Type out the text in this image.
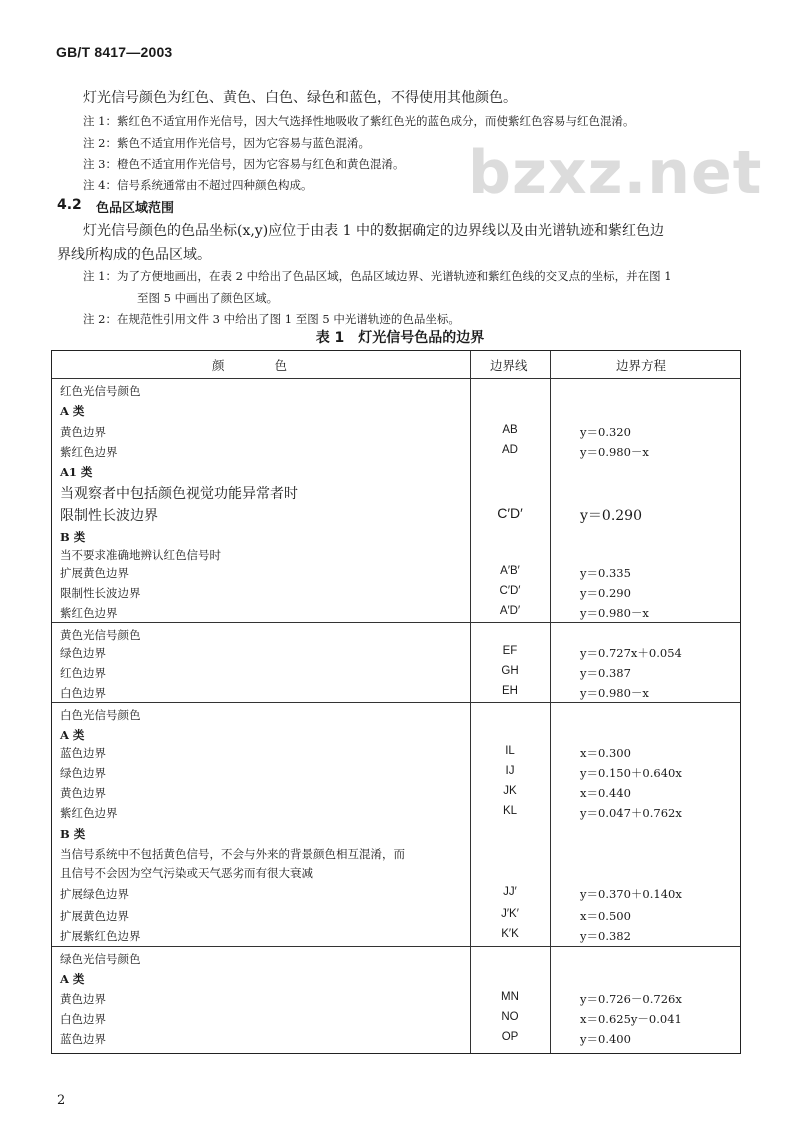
GB/T 8417—2003
bzxz.net
灯光信号颜色为红色、黄色、白色、绿色和蓝色，不得使用其他颜色。
注 1：紫红色不适宜用作光信号，因大气选择性地吸收了紫红色光的蓝色成分，而使紫红色容易与红色混淆。
注 2：紫色不适宜用作光信号，因为它容易与蓝色混淆。
注 3：橙色不适宜用作光信号，因为它容易与红色和黄色混淆。
注 4：信号系统通常由不超过四种颜色构成。
4.2 色品区域范围
灯光信号颜色的色品坐标(x,y)应位于由表 1 中的数据确定的边界线以及由光谱轨迹和紫红色边
界线所构成的色品区域。
注 1：为了方便地画出，在表 2 中给出了色品区域，色品区域边界、光谱轨迹和紫红色线的交叉点的坐标，并在图 1
至图 5 中画出了颜色区域。
注 2：在规范性引用文件 3 中给出了图 1 至图 5 中光谱轨迹的色品坐标。
表 1　灯光信号色品的边界
颜　　　　色	边界线	边界方程
红色光信号颜色
A 类
黄色边界	AB	y＝0.320
紫红色边界	AD	y＝0.980－x
A1 类
当观察者中包括颜色视觉功能异常者时
限制性长波边界	C′D′	y＝0.290
B 类
当不要求准确地辨认红色信号时
扩展黄色边界	A′B′	y＝0.335
限制性长波边界	C′D′	y＝0.290
紫红色边界	A′D′	y＝0.980－x
黄色光信号颜色
绿色边界	EF	y＝0.727x＋0.054
红色边界	GH	y＝0.387
白色边界	EH	y＝0.980－x
白色光信号颜色
A 类
蓝色边界	IL	x＝0.300
绿色边界	IJ	y＝0.150＋0.640x
黄色边界	JK	x＝0.440
紫红色边界	KL	y＝0.047＋0.762x
B 类
当信号系统中不包括黄色信号，不会与外来的背景颜色相互混淆，而
且信号不会因为空气污染或天气恶劣而有很大衰减
扩展绿色边界	JJ′	y＝0.370＋0.140x
扩展黄色边界	J′K′	x＝0.500
扩展紫红色边界	K′K	y＝0.382
绿色光信号颜色
A 类
黄色边界	MN	y＝0.726－0.726x
白色边界	NO	x＝0.625y－0.041
蓝色边界	OP	y＝0.400
2
